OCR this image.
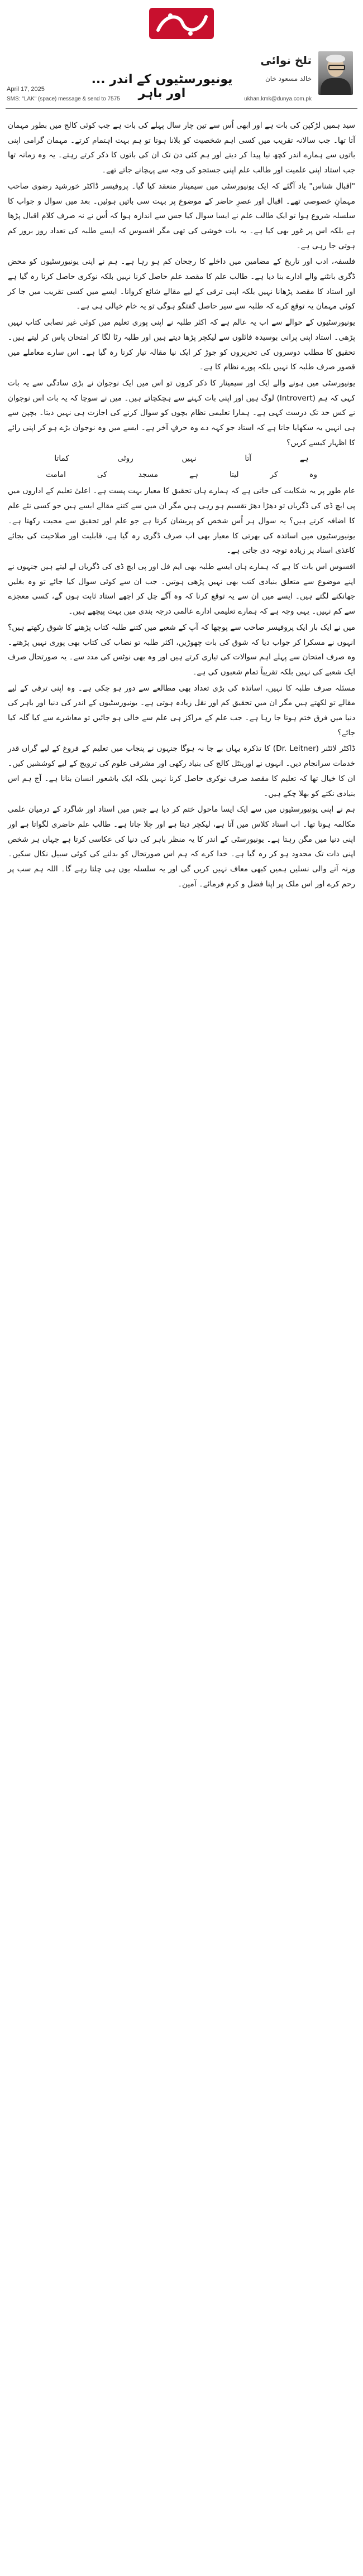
تلخ نوائی
خالد مسعود خان
یونیورسٹیوں کے اندر ... اور باہر
April 17, 2025
SMS: "LAK" (space) message & send to 7575	ukhan.kmk@dunya.com.pk

سید ہمیں لڑکپن کی بات ہے اور ابھی اُس سے تین چار سال پہلے کی بات ہے جب کوئی کالج میں بطور مہمان آتا تھا۔ جب سالانہ تقریب میں کسی اہم شخصیت کو بلانا ہوتا تو ہم بہت اہتمام کرتے۔ مہمان گرامی اپنی باتوں سے ہمارے اندر کچھ نیا پیدا کر دیتے اور ہم کئی دن تک ان کی باتوں کا ذکر کرتے رہتے۔ یہ وہ زمانہ تھا جب استاد اپنی علمیت اور طالب علم اپنی جستجو کی وجہ سے پہچانے جاتے تھے۔

"اقبال شناس" یاد آگئے کہ ایک یونیورسٹی میں سیمینار منعقد کیا گیا۔ پروفیسر ڈاکٹر خورشید رضوی صاحب مہمانِ خصوصی تھے۔ اقبال اور عصرِ حاضر کے موضوع پر بہت سی باتیں ہوئیں۔ بعد میں سوال و جواب کا سلسلہ شروع ہوا تو ایک طالب علم نے ایسا سوال کیا جس سے اندازہ ہوا کہ اُس نے نہ صرف کلام اقبال پڑھا ہے بلکہ اس پر غور بھی کیا ہے۔ یہ بات خوشی کی تھی مگر افسوس کہ ایسے طلبہ کی تعداد روز بروز کم ہوتی جا رہی ہے۔

فلسفہ، ادب اور تاریخ کے مضامین میں داخلے کا رجحان کم ہو رہا ہے۔ ہم نے اپنی یونیورسٹیوں کو محض ڈگری بانٹنے والے ادارے بنا دیا ہے۔ طالب علم کا مقصد علم حاصل کرنا نہیں بلکہ نوکری حاصل کرنا رہ گیا ہے اور استاد کا مقصد پڑھانا نہیں بلکہ اپنی ترقی کے لیے مقالے شائع کروانا۔ ایسے میں کسی تقریب میں جا کر کوئی مہمان یہ توقع کرے کہ طلبہ سے سیر حاصل گفتگو ہوگی تو یہ خام خیالی ہی ہے۔

یونیورسٹیوں کے حوالے سے اب یہ عالم ہے کہ اکثر طلبہ نے اپنی پوری تعلیم میں کوئی غیر نصابی کتاب نہیں پڑھی۔ استاد اپنی پرانی بوسیدہ فائلوں سے لیکچر پڑھا دیتے ہیں اور طلبہ رٹا لگا کر امتحان پاس کر لیتے ہیں۔ تحقیق کا مطلب دوسروں کی تحریروں کو جوڑ کر ایک نیا مقالہ تیار کرنا رہ گیا ہے۔ اس سارے معاملے میں قصور صرف طلبہ کا نہیں بلکہ پورے نظام کا ہے۔

یونیورسٹی میں ہونے والے ایک اور سیمینار کا ذکر کروں تو اس میں ایک نوجوان نے بڑی سادگی سے یہ بات کہی کہ ہم (Introvert) لوگ ہیں اور اپنی بات کہنے سے ہچکچاتے ہیں۔ میں نے سوچا کہ یہ بات اس نوجوان نے کس حد تک درست کہی ہے۔ ہمارا تعلیمی نظام بچوں کو سوال کرنے کی اجازت ہی نہیں دیتا۔ بچپن سے ہی انہیں یہ سکھایا جاتا ہے کہ استاد جو کہہ دے وہ حرفِ آخر ہے۔ ایسے میں وہ نوجوان بڑے ہو کر اپنی رائے کا اظہار کیسے کریں؟

ہے
آتا
نہیں
روٹی
کماتا
وہ
کر
لیتا
ہے
مسجد
کی
امامت

عام طور پر یہ شکایت کی جاتی ہے کہ ہمارے ہاں تحقیق کا معیار بہت پست ہے۔ اعلیٰ تعلیم کے اداروں میں پی ایچ ڈی کی ڈگریاں تو دھڑا دھڑ تقسیم ہو رہی ہیں مگر ان میں سے کتنے مقالے ایسے ہیں جو کسی نئے علم کا اضافہ کرتے ہیں؟ یہ سوال ہر اُس شخص کو پریشان کرتا ہے جو علم اور تحقیق سے محبت رکھتا ہے۔ یونیورسٹیوں میں اساتذہ کی بھرتی کا معیار بھی اب صرف ڈگری رہ گیا ہے، قابلیت اور صلاحیت کی بجائے کاغذی اسناد پر زیادہ توجہ دی جاتی ہے۔

افسوس اس بات کا ہے کہ ہمارے ہاں ایسے طلبہ بھی ایم فل اور پی ایچ ڈی کی ڈگریاں لے لیتے ہیں جنہوں نے اپنے موضوع سے متعلق بنیادی کتب بھی نہیں پڑھی ہوتیں۔ جب ان سے کوئی سوال کیا جائے تو وہ بغلیں جھانکنے لگتے ہیں۔ ایسے میں ان سے یہ توقع کرنا کہ وہ آگے چل کر اچھے استاد ثابت ہوں گے، کسی معجزے سے کم نہیں۔ یہی وجہ ہے کہ ہمارے تعلیمی ادارے عالمی درجہ بندی میں بہت پیچھے ہیں۔

میں نے ایک بار ایک پروفیسر صاحب سے پوچھا کہ آپ کے شعبے میں کتنے طلبہ کتاب پڑھنے کا شوق رکھتے ہیں؟ انہوں نے مسکرا کر جواب دیا کہ شوق کی بات چھوڑیں، اکثر طلبہ تو نصاب کی کتاب بھی پوری نہیں پڑھتے۔ وہ صرف امتحان سے پہلے اہم سوالات کی تیاری کرتے ہیں اور وہ بھی نوٹس کی مدد سے۔ یہ صورتحال صرف ایک شعبے کی نہیں بلکہ تقریباً تمام شعبوں کی ہے۔

مسئلہ صرف طلبہ کا نہیں، اساتذہ کی بڑی تعداد بھی مطالعے سے دور ہو چکی ہے۔ وہ اپنی ترقی کے لیے مقالے تو لکھتے ہیں مگر ان میں تحقیق کم اور نقل زیادہ ہوتی ہے۔ یونیورسٹیوں کے اندر کی دنیا اور باہر کی دنیا میں فرق ختم ہوتا جا رہا ہے۔ جب علم کے مراکز ہی علم سے خالی ہو جائیں تو معاشرے سے کیا گلہ کیا جائے؟

ڈاکٹر لائٹنر (Dr. Leitner) کا تذکرہ یہاں بے جا نہ ہوگا جنہوں نے پنجاب میں تعلیم کے فروغ کے لیے گراں قدر خدمات سرانجام دیں۔ انہوں نے اورینٹل کالج کی بنیاد رکھی اور مشرقی علوم کی ترویج کے لیے کوششیں کیں۔ ان کا خیال تھا کہ تعلیم کا مقصد صرف نوکری حاصل کرنا نہیں بلکہ ایک باشعور انسان بنانا ہے۔ آج ہم اس بنیادی نکتے کو بھلا چکے ہیں۔

ہم نے اپنی یونیورسٹیوں میں سے ایک ایسا ماحول ختم کر دیا ہے جس میں استاد اور شاگرد کے درمیان علمی مکالمہ ہوتا تھا۔ اب استاد کلاس میں آتا ہے، لیکچر دیتا ہے اور چلا جاتا ہے۔ طالب علم حاضری لگواتا ہے اور اپنی دنیا میں مگن رہتا ہے۔ یونیورسٹی کے اندر کا یہ منظر باہر کی دنیا کی عکاسی کرتا ہے جہاں ہر شخص اپنی ذات تک محدود ہو کر رہ گیا ہے۔ خدا کرے کہ ہم اس صورتحال کو بدلنے کی کوئی سبیل نکال سکیں۔ ورنہ آنے والی نسلیں ہمیں کبھی معاف نہیں کریں گی اور یہ سلسلہ یوں ہی چلتا رہے گا۔ اللہ ہم سب پر رحم کرے اور اس ملک پر اپنا فضل و کرم فرمائے۔ آمین۔
